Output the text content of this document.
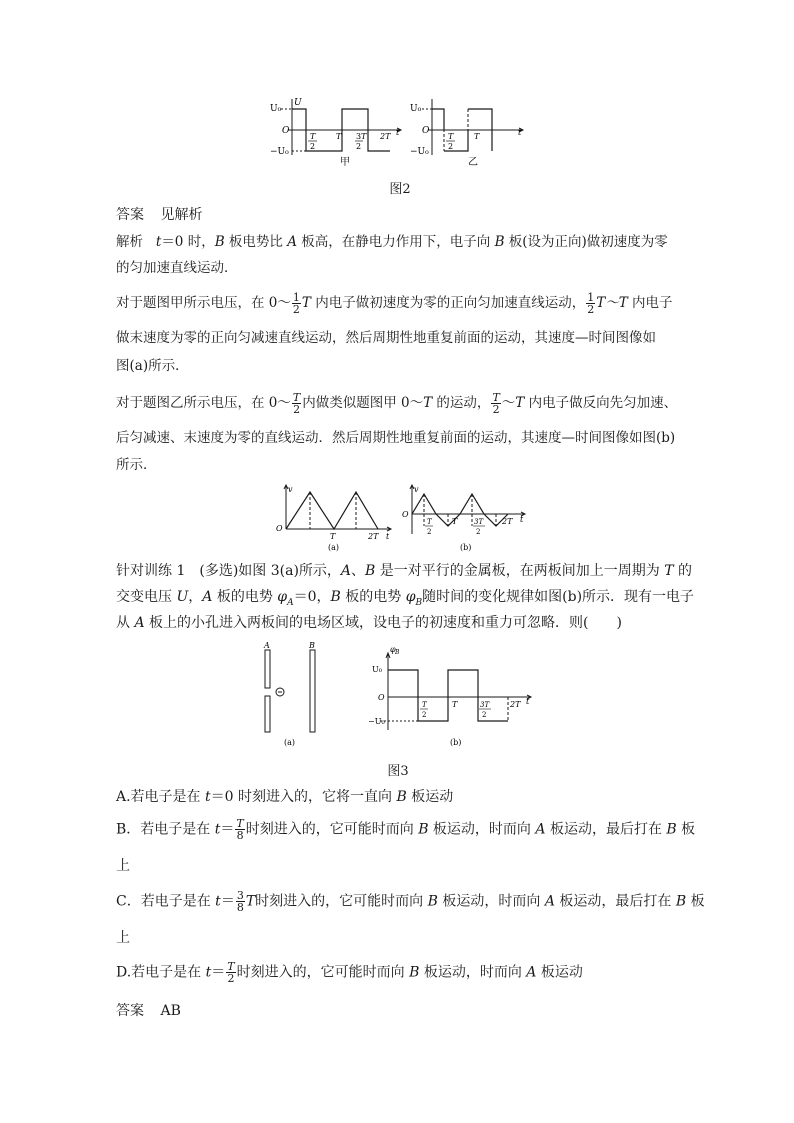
U₀
U
O
−U₀
T
2
T 3 T
2
2T t
甲
U₀
O
−U₀
T
2
T	t
乙
图2
答案 见解析
解析 t＝0 时，B 板电势比 A 板高，在静电力作用下，电子向 B 板(设为正向)做初速度为零
的匀加速直线运动．
对于题图甲所示电压，在 0～ $\frac{1}{2}$ T 内电子做初速度为零的正向匀加速直线运动， $\frac{1}{2}$ T～T 内电子
做末速度为零的正向匀减速直线运动，然后周期性地重复前面的运动，其速度—时间图像如
图(a)所示．
对于题图乙所示电压，在 0～ $\frac{T}{2}$ 内做类似题图甲 0～T 的运动， $\frac{T}{2}$ ～T 内电子做反向先匀加速、
后匀减速、末速度为零的直线运动．然后周期性地重复前面的运动，其速度—时间图像如图(b)
所示．
v
O
T	2T t
(a)
v
O
T
2
T 3T
2
2T t
(b)
针对训练 1　(多选)如图 3(a)所示，A、B 是一对平行的金属板，在两板间加上一周期为 T 的
交变电压 U，A 板的电势 $\varphi_A=0$，B 板的电势 $\varphi_B$随时间的变化规律如图(b)所示．现有一电子
从 A 板上的小孔进入两板间的电场区域，设电子的初速度和重力可忽略．则(　　)
A	B
(a)
φ B
U₀
O
−U₀
T
2
T	3T
2
2T t
(b)
图3
A.若电子是在 t＝0 时刻进入的，它将一直向 B 板运动
B．若电子是在 $t= \frac{T}{8}$ 时刻进入的，它可能时而向 B 板运动，时而向 A 板运动，最后打在 B 板
上
C．若电子是在 $t= \frac{3}{8}$ T时刻进入的，它可能时而向 B 板运动，时而向 A 板运动，最后打在 B 板
上
D.若电子是在 $t= \frac{T}{2}$ 时刻进入的，它可能时而向 B 板运动，时而向 A 板运动
答案 AB
